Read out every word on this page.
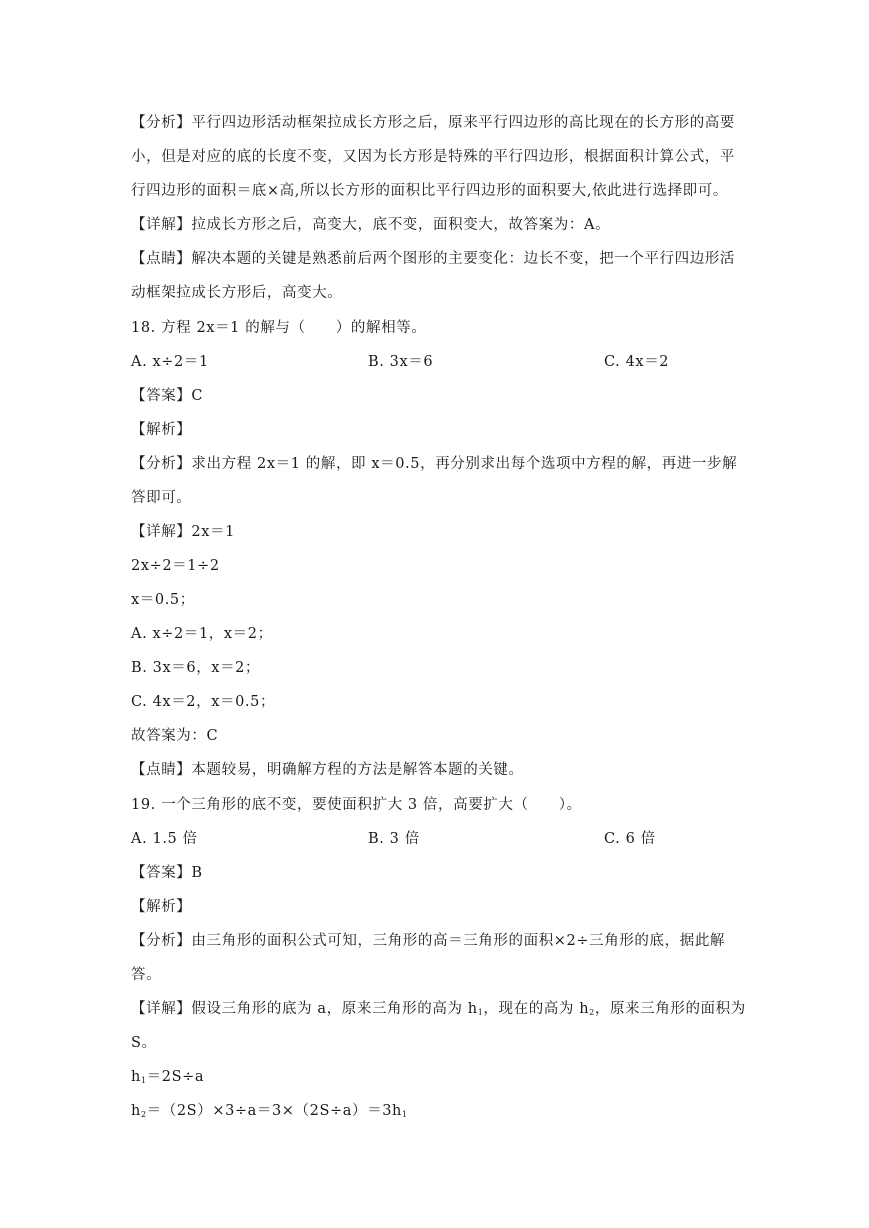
【分析】平行四边形活动框架拉成长方形之后，原来平行四边形的高比现在的长方形的高要
小，但是对应的底的长度不变，又因为长方形是特殊的平行四边形，根据面积计算公式，平
行四边形的面积＝底×高,所以长方形的面积比平行四边形的面积要大,依此进行选择即可。
【详解】拉成长方形之后，高变大，底不变，面积变大，故答案为：A。
【点睛】解决本题的关键是熟悉前后两个图形的主要变化：边长不变，把一个平行四边形活
动框架拉成长方形后，高变大。
18. 方程 2x＝1 的解与（　　）的解相等。
A. x÷2＝1	B. 3x＝6	C. 4x＝2
【答案】C
【解析】
【分析】求出方程 2x＝1 的解，即 x＝0.5，再分别求出每个选项中方程的解，再进一步解
答即可。
【详解】2x＝1
2x÷2＝1÷2
x＝0.5；
A. x÷2＝1，x＝2；
B. 3x＝6，x＝2；
C. 4x＝2，x＝0.5；
故答案为：C
【点睛】本题较易，明确解方程的方法是解答本题的关键。
19. 一个三角形的底不变，要使面积扩大 3 倍，高要扩大（　　）。
A. 1.5 倍	B. 3 倍	C. 6 倍
【答案】B
【解析】
【分析】由三角形的面积公式可知，三角形的高＝三角形的面积×2÷三角形的底，据此解
答。
【详解】假设三角形的底为 a，原来三角形的高为 $h_1$，现在的高为 $h_2$，原来三角形的面积为
S。
$h_1=2S\div a$
$h_2=(2S)\times 3\div a=3\times(2S\div a)=3h_1$
